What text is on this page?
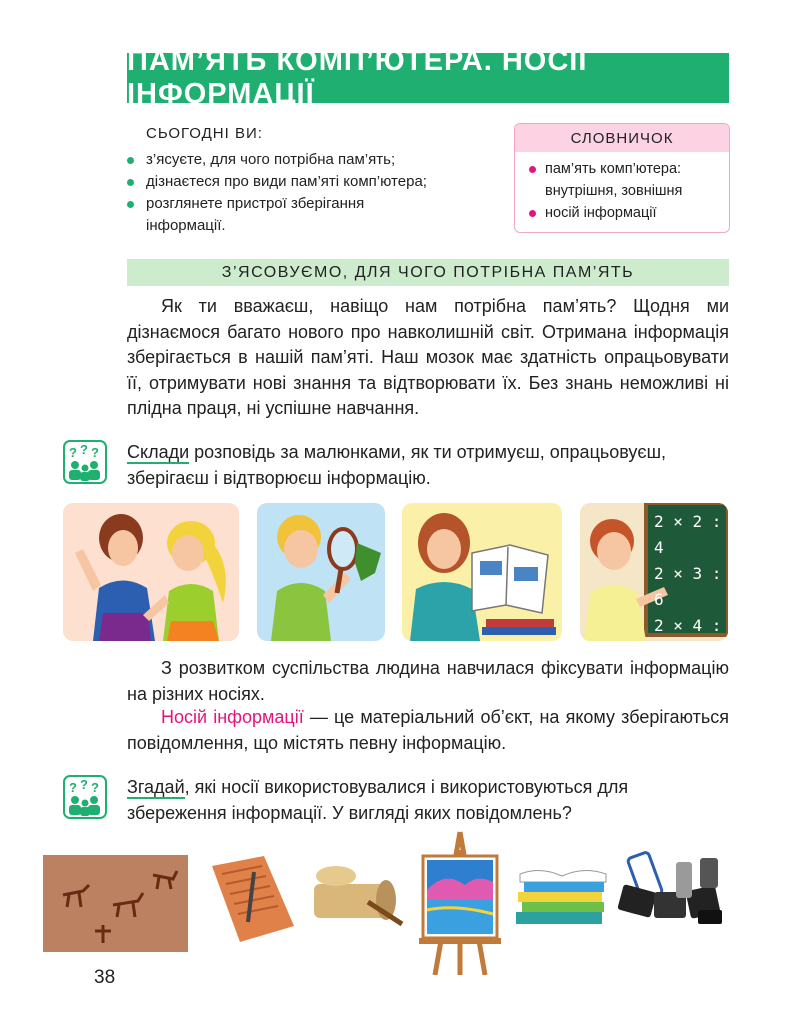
ПАМ’ЯТЬ КОМП’ЮТЕРА. НОСІЇ ІНФОРМАЦІЇ
СЬОГОДНІ ВИ:
з’ясуєте, для чого потрібна пам’ять;
дізнаєтеся про види пам’яті комп’ютера;
розглянете пристрої зберігання інформації.
СЛОВНИЧОК
пам’ять комп’ютера: внутрішня, зовнішня
носій інформації
З’ЯСОВУЄМО, ДЛЯ ЧОГО ПОТРІБНА ПАМ’ЯТЬ

Як ти вважаєш, навіщо нам потрібна пам’ять? Щодня ми дізнаємося багато нового про навколишній світ. Отримана інформація зберігається в нашій пам’яті. Наш мозок має здатність опрацьовувати її, отримувати нові знання та відтворювати їх. Без знань неможливі ні плідна праця, ні успішне навчання.

? ? ? Склади розповідь за малюнками, як ти отримуєш, опрацьовуєш, зберігаєш і відтворюєш інформацію.

2 × 2 : 4
2 × 3 : 6
2 × 4 :

З розвитком суспільства людина навчилася фіксувати інформацію на різних носіях.

Носій інформації — це матеріальний об’єкт, на якому зберігаються повідомлення, що містять певну інформацію.

? ? ? Згадай, які носії використовувалися і використовуються для збереження інформації. У вигляді яких повідомлень?

38
